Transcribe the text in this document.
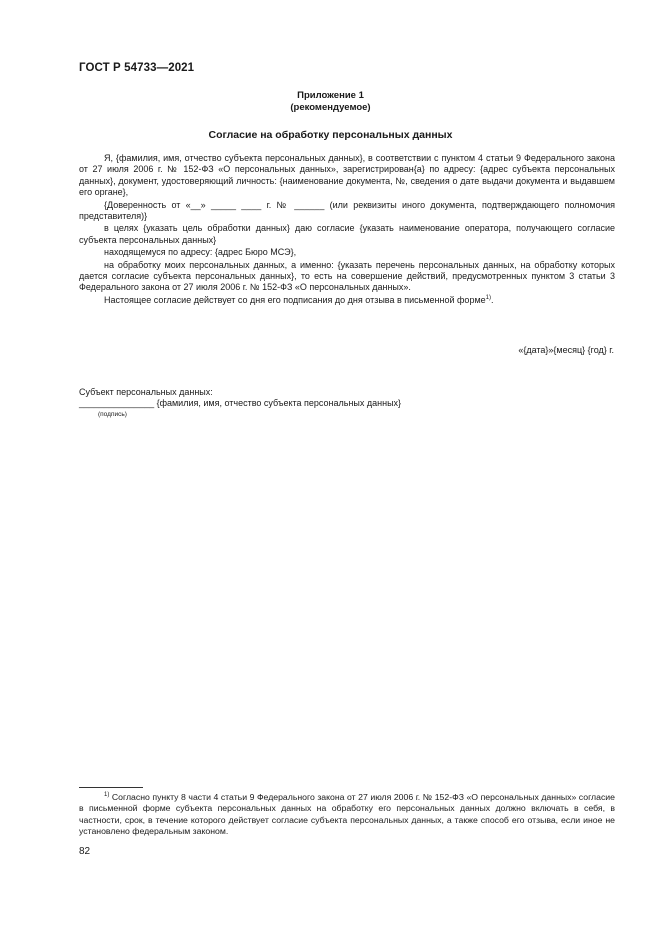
ГОСТ Р 54733—2021
Приложение 1
(рекомендуемое)
Согласие на обработку персональных данных

Я, {фамилия, имя, отчество субъекта персональных данных}, в соответствии с пунктом 4 статьи 9 Федерального закона от 27 июля 2006 г. № 152-ФЗ «О персональных данных», зарегистрирован{а} по адресу: {адрес субъекта персональных данных}, документ, удостоверяющий личность: {наименование документа, №, сведения о дате выдачи документа и выдавшем его органе},

{Доверенность от «__» _____ ____ г. № ______ (или реквизиты иного документа, подтверждающего полномочия представителя)}

в целях {указать цель обработки данных} даю согласие {указать наименование оператора, получающего согласие субъекта персональных данных}

находящемуся по адресу: {адрес Бюро МСЭ},

на обработку моих персональных данных, а именно: {указать перечень персональных данных, на обработку которых дается согласие субъекта персональных данных}, то есть на совершение действий, предусмотренных пунктом 3 статьи 3 Федерального закона от 27 июля 2006 г. № 152-ФЗ «О персональных данных».

Настоящее согласие действует со дня его подписания до дня отзыва в письменной форме$^{1)}$.

«{дата}»{месяц} {год} г.
Субъект персональных данных:
_______________ {фамилия, имя, отчество субъекта персональных данных}
(подпись)

$^{1)}$ Согласно пункту 8 части 4 статьи 9 Федерального закона от 27 июля 2006 г. № 152-ФЗ «О персональных данных» согласие в письменной форме субъекта персональных данных на обработку его персональных данных должно включать в себя, в частности, срок, в течение которого действует согласие субъекта персональных данных, а также способ его отзыва, если иное не установлено федеральным законом.

82
